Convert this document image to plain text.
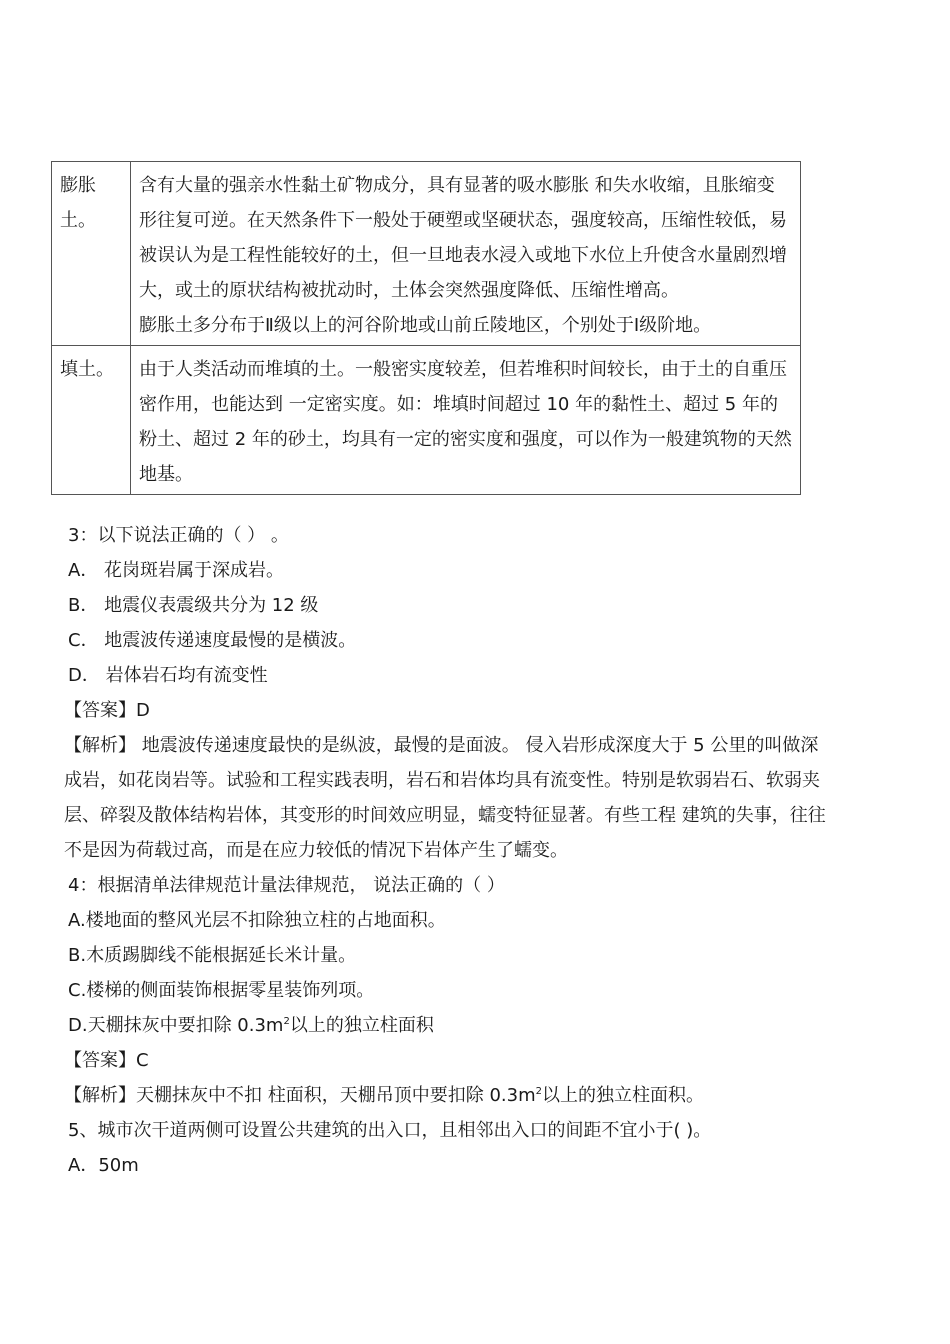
膨胀土。	含有大量的强亲水性黏土矿物成分，具有显著的吸水膨胀 和失水收缩，且胀缩变形往复可逆。在天然条件下一般处于硬塑或坚硬状态，强度较高，压缩性较低，易被误认为是工程性能较好的土，但一旦地表水浸入或地下水位上升使含水量剧烈增大，或土的原状结构被扰动时，土体会突然强度降低、压缩性增高。
膨胀土多分布于Ⅱ级以上的河谷阶地或山前丘陵地区，个别处于Ⅰ级阶地。

填土。	由于人类活动而堆填的土。一般密实度较差，但若堆积时间较长，由于土的自重压密作用，也能达到 一定密实度。如：堆填时间超过 10 年的黏性土、超过 5 年的粉土、超过 2 年的砂土，均具有一定的密实度和强度，可以作为一般建筑物的天然地基。
3：以下说法正确的（ ） 。
A． 花岗斑岩属于深成岩。
B． 地震仪表震级共分为 12 级
C． 地震波传递速度最慢的是横波。
D． 岩体岩石均有流变性
【答案】D
【解析】 地震波传递速度最快的是纵波，最慢的是面波。 侵入岩形成深度大于 5 公里的叫做深成岩，如花岗岩等。试验和工程实践表明，岩石和岩体均具有流变性。特别是软弱岩石、软弱夹层、碎裂及散体结构岩体，其变形的时间效应明显，蠕变特征显著。有些工程 建筑的失事，往往不是因为荷载过高，而是在应力较低的情况下岩体产生了蠕变。
4：根据清单法律规范计量法律规范， 说法正确的（ ）
A.楼地面的整风光层不扣除独立柱的占地面积。
B.木质踢脚线不能根据延长米计量。
C.楼梯的侧面装饰根据零星装饰列项。
D.天棚抹灰中要扣除 $0.3m^2$以上的独立柱面积
【答案】C
【解析】天棚抹灰中不扣 柱面积，天棚吊顶中要扣除 $0.3m^2$以上的独立柱面积。
5、城市次干道两侧可设置公共建筑的出入口，且相邻出入口的间距不宜小于( )。
A．50m
